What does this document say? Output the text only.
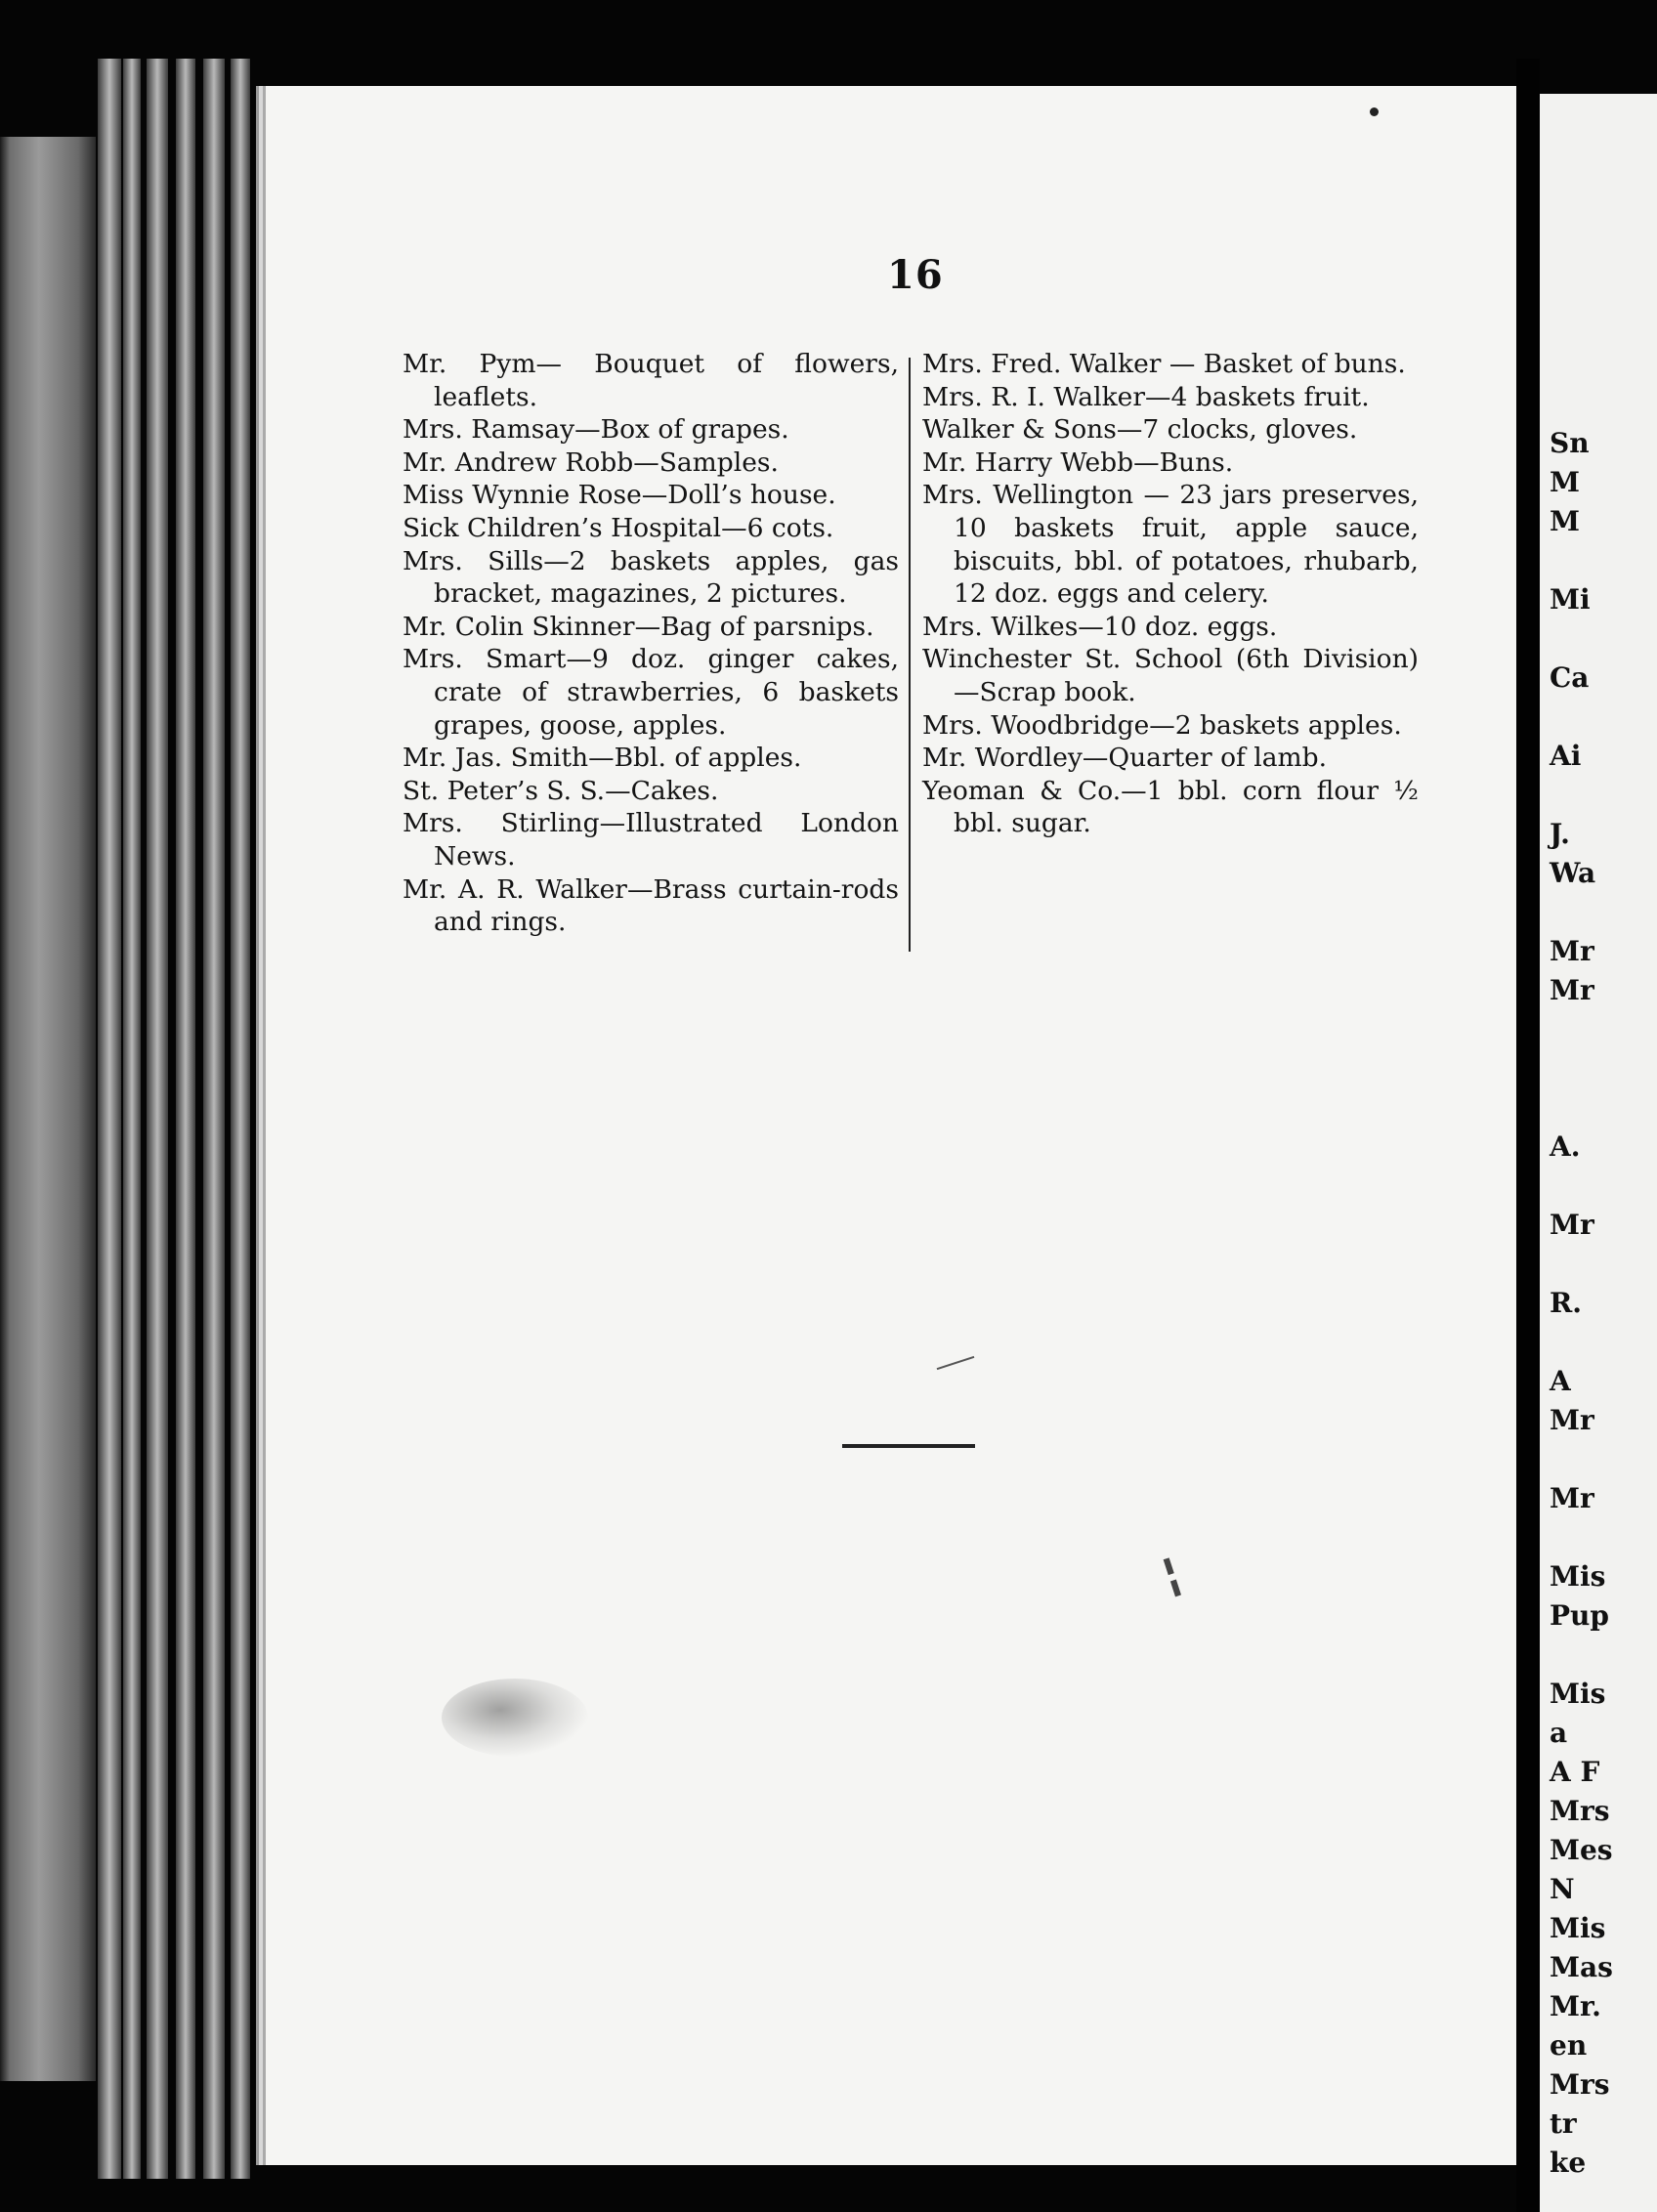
16
Mr. Pym— Bouquet of flowers, leaflets.
Mrs. Ramsay—Box of grapes.
Mr. Andrew Robb—Samples.
Miss Wynnie Rose—Doll’s house.
Sick Children’s Hospital—6 cots.
Mrs. Sills—2 baskets apples, gas bracket, magazines, 2 pictures.
Mr. Colin Skinner—Bag of parsnips.
Mrs. Smart—9 doz. ginger cakes, crate of strawberries, 6 baskets grapes, goose, apples.
Mr. Jas. Smith—Bbl. of apples.
St. Peter’s S. S.—Cakes.
Mrs. Stirling—Illustrated London News.
Mr. A. R. Walker—Brass curtain-rods and rings.
Mrs. Fred. Walker — Basket of buns.
Mrs. R. I. Walker—4 baskets fruit.
Walker & Sons—7 clocks, gloves.
Mr. Harry Webb—Buns.
Mrs. Wellington — 23 jars preserves, 10 baskets fruit, apple sauce, biscuits, bbl. of potatoes, rhubarb, 12 doz. eggs and celery.
Mrs. Wilkes—10 doz. eggs.
Winchester St. School (6th Division)—Scrap book.
Mrs. Woodbridge—2 baskets apples.
Mr. Wordley—Quarter of lamb.
Yeoman & Co.—1 bbl. corn flour ½ bbl. sugar.
╏
Sn
M
M
Mi
Ca
Ai
J.
Wa
Mr
Mr
A.
Mr
R.
A
Mr
Mr
Mis
Pup
Mis
a
A F
Mrs
Mes
N
Mis
Mas
Mr.
en
Mrs
tr
ke
